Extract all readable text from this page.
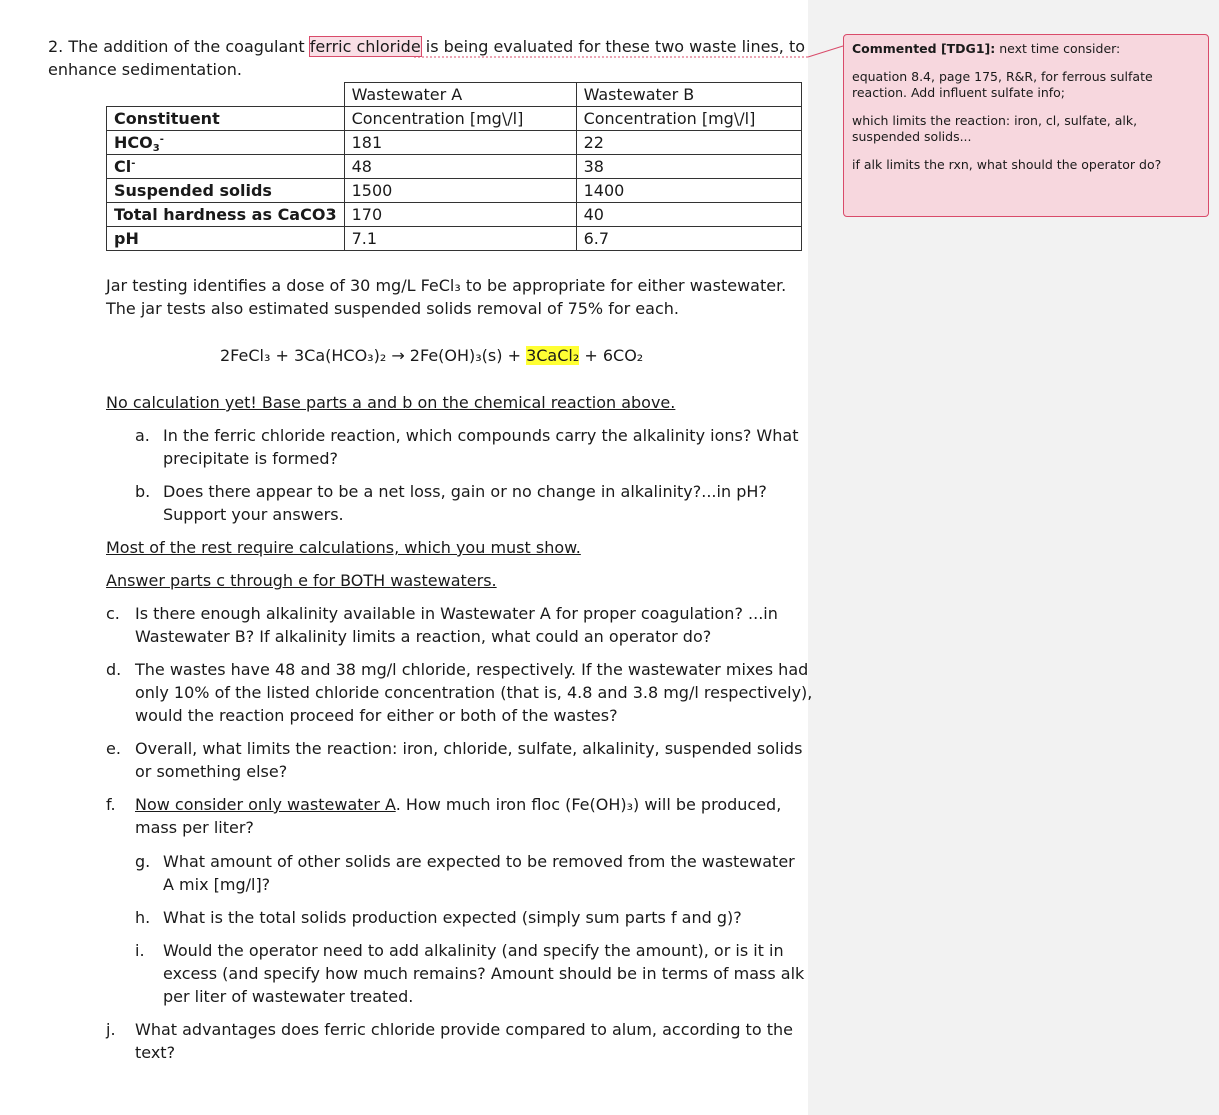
2. The addition of the coagulant ferric chloride is being evaluated for these two waste lines, to
enhance sedimentation.
	Wastewater A	Wastewater B
Constituent	Concentration [mg\/l]	Concentration [mg\/l]
$HCO_3^-$	181	22
Cl-	48	38
Suspended solids	1500	1400
Total hardness as CaCO3	170	40
pH	7.1	6.7
Jar testing identifies a dose of 30 mg/L FeCl₃ to be appropriate for either wastewater.
The jar tests also estimated suspended solids removal of 75% for each.
2FeCl₃ + 3Ca(HCO₃)₂ → 2Fe(OH)₃(s) + 3CaCl₂ + 6CO₂
No calculation yet! Base parts a and b on the chemical reaction above.
a. In the ferric chloride reaction, which compounds carry the alkalinity ions? What
precipitate is formed?
b. Does there appear to be a net loss, gain or no change in alkalinity?...in pH?
Support your answers.
Most of the rest require calculations, which you must show.
Answer parts c through e for BOTH wastewaters.
c. Is there enough alkalinity available in Wastewater A for proper coagulation? ...in
Wastewater B? If alkalinity limits a reaction, what could an operator do?
d. The wastes have 48 and 38 mg/l chloride, respectively. If the wastewater mixes had
only 10% of the listed chloride concentration (that is, 4.8 and 3.8 mg/l respectively),
would the reaction proceed for either or both of the wastes?
e. Overall, what limits the reaction: iron, chloride, sulfate, alkalinity, suspended solids
or something else?
f. Now consider only wastewater A. How much iron floc (Fe(OH)₃) will be produced,
mass per liter?
g. What amount of other solids are expected to be removed from the wastewater
A mix [mg/l]?
h. What is the total solids production expected (simply sum parts f and g)?
i. Would the operator need to add alkalinity (and specify the amount), or is it in
excess (and specify how much remains? Amount should be in terms of mass alk
per liter of wastewater treated.
j. What advantages does ferric chloride provide compared to alum, according to the
text?
Commented [TDG1]: next time consider:
equation 8.4, page 175, R&R, for ferrous sulfate reaction. Add influent sulfate info;
which limits the reaction: iron, cl, sulfate, alk, suspended solids...
if alk limits the rxn, what should the operator do?
